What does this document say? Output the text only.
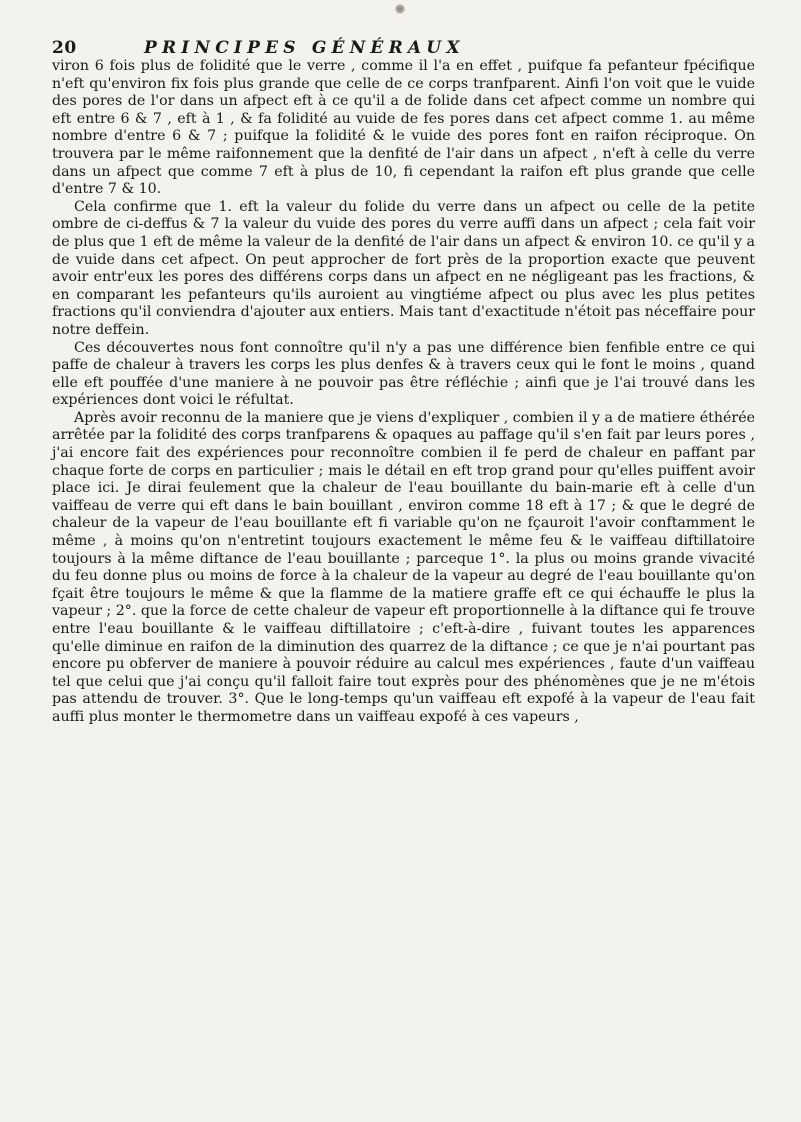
20	PRINCIPES GÉNÉRAUX

viron 6 fois plus de folidité que le verre , comme il l'a en effet , puifque fa pefanteur fpécifique n'eft qu'environ fix fois plus grande que celle de ce corps tranfparent. Ainfi l'on voit que le vuide des pores de l'or dans un afpect eft à ce qu'il a de folide dans cet afpect comme un nombre qui eft entre 6 & 7 , eft à 1 , & fa folidité au vuide de fes pores dans cet afpect comme 1. au même nombre d'entre 6 & 7 ; puifque la folidité & le vuide des pores font en raifon réciproque. On trouvera par le même raifonnement que la denfité de l'air dans un afpect , n'eft à celle du verre dans un afpect que comme 7 eft à plus de 10, fi cependant la raifon eft plus grande que celle d'entre 7 & 10.

Cela confirme que 1. eft la valeur du folide du verre dans un afpect ou celle de la petite ombre de ci-deffus & 7 la valeur du vuide des pores du verre auffi dans un afpect ; cela fait voir de plus que 1 eft de même la valeur de la denfité de l'air dans un afpect & environ 10. ce qu'il y a de vuide dans cet afpect. On peut approcher de fort près de la proportion exacte que peuvent avoir entr'eux les pores des différens corps dans un afpect en ne négligeant pas les fractions, & en comparant les pefanteurs qu'ils auroient au vingtiéme afpect ou plus avec les plus petites fractions qu'il conviendra d'ajouter aux entiers. Mais tant d'exactitude n'étoit pas néceffaire pour notre deffein.

Ces découvertes nous font connoître qu'il n'y a pas une différence bien fenfible entre ce qui paffe de chaleur à travers les corps les plus denfes & à travers ceux qui le font le moins , quand elle eft pouffée d'une maniere à ne pouvoir pas être réfléchie ; ainfi que je l'ai trouvé dans les expériences dont voici le réfultat.

Après avoir reconnu de la maniere que je viens d'expliquer , combien il y a de matiere éthérée arrêtée par la folidité des corps tranfparens & opaques au paffage qu'il s'en fait par leurs pores , j'ai encore fait des expériences pour reconnoître combien il fe perd de chaleur en paffant par chaque forte de corps en particulier ; mais le détail en eft trop grand pour qu'elles puiffent avoir place ici. Je dirai feulement que la chaleur de l'eau bouillante du bain-marie eft à celle d'un vaiffeau de verre qui eft dans le bain bouillant , environ comme 18 eft à 17 ; & que le degré de chaleur de la vapeur de l'eau bouillante eft fi variable qu'on ne fçauroit l'avoir conftamment le même , à moins qu'on n'entretint toujours exactement le même feu & le vaiffeau diftillatoire toujours à la même diftance de l'eau bouillante ; parceque 1°. la plus ou moins grande vivacité du feu donne plus ou moins de force à la chaleur de la vapeur au degré de l'eau bouillante qu'on fçait être toujours le même & que la flamme de la matiere graffe eft ce qui échauffe le plus la vapeur ; 2°. que la force de cette chaleur de vapeur eft proportionnelle à la diftance qui fe trouve entre l'eau bouillante & le vaiffeau diftillatoire ; c'eft-à-dire , fuivant toutes les apparences qu'elle diminue en raifon de la diminution des quarrez de la diftance ; ce que je n'ai pourtant pas encore pu obferver de maniere à pouvoir réduire au calcul mes expériences , faute d'un vaiffeau tel que celui que j'ai conçu qu'il falloit faire tout exprès pour des phénomènes que je ne m'étois pas attendu de trouver. 3°. Que le long-temps qu'un vaiffeau eft expofé à la vapeur de l'eau fait auffi plus monter le thermometre dans un vaiffeau expofé à ces vapeurs ,
